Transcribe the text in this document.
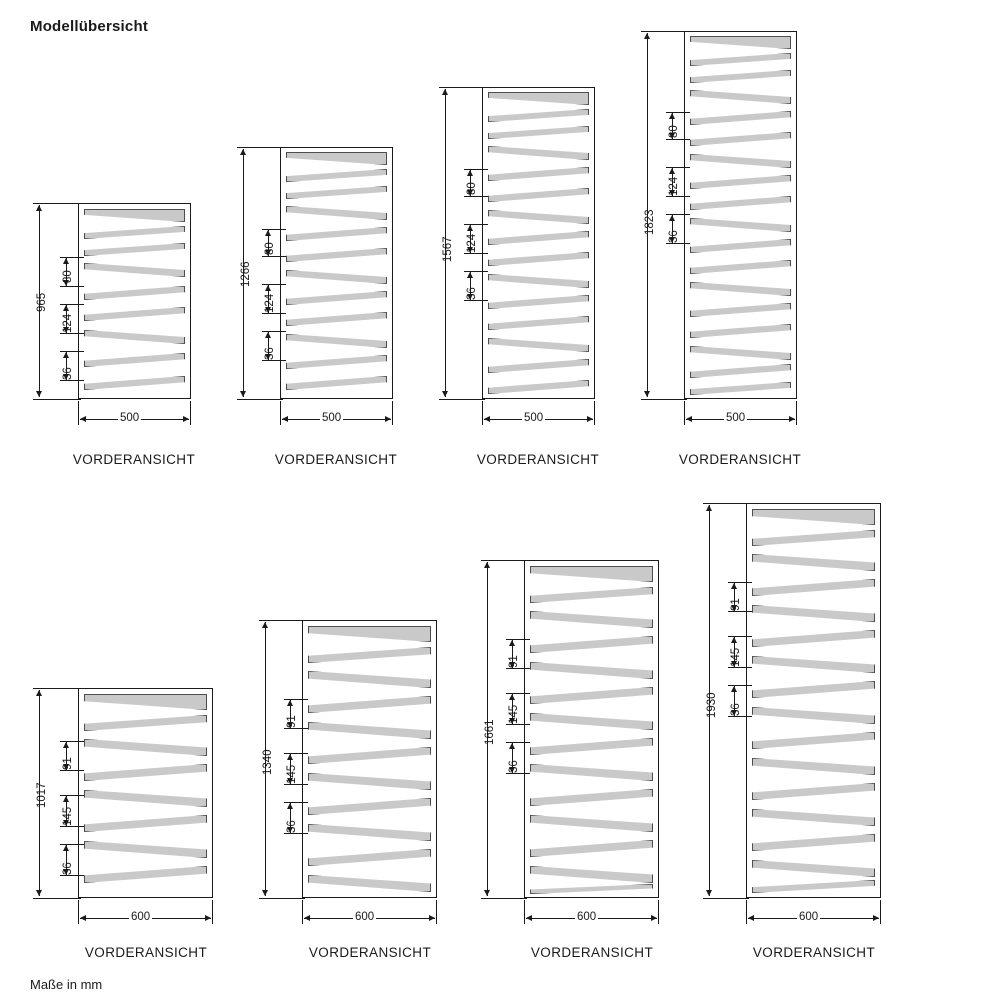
Modellübersicht
965
80
124
36
500
VORDERANSICHT
1266
80
124
36
500
VORDERANSICHT
1567
80
124
36
500
VORDERANSICHT
1823
80
124
36
500
VORDERANSICHT
1017
91
145
36
600
VORDERANSICHT
1340
91
145
36
600
VORDERANSICHT
1661
91
145
36
600
VORDERANSICHT
1930
91
145
36
600
VORDERANSICHT
Maße in mm
